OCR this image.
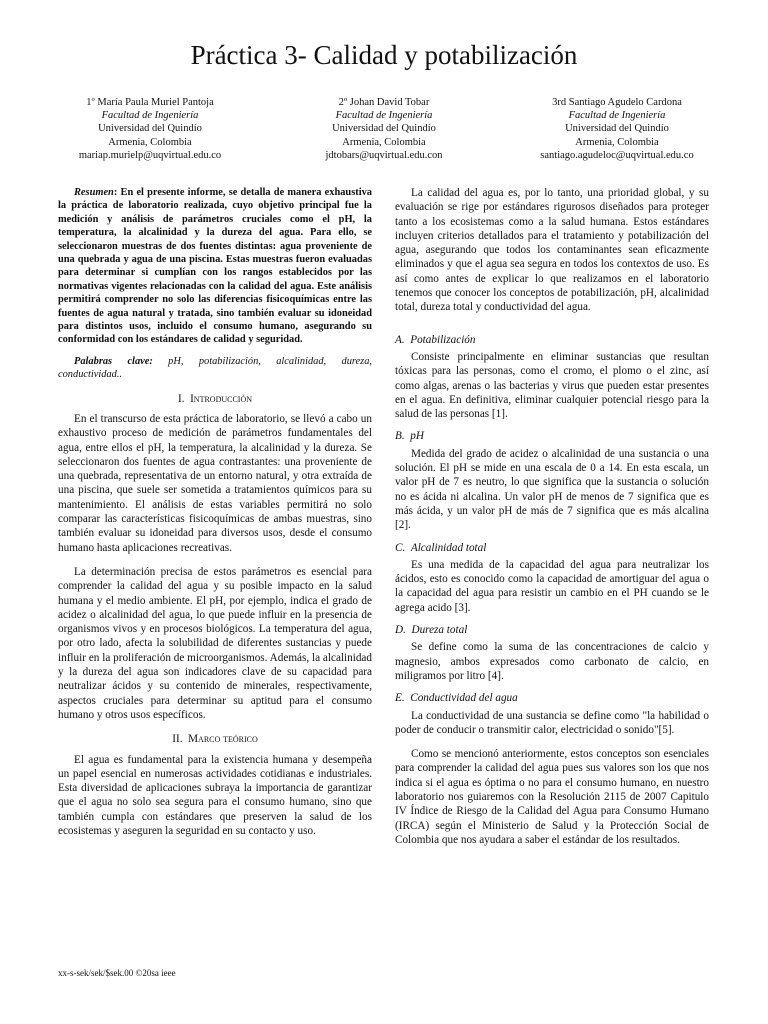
Práctica 3- Calidad y potabilización
1º María Paula Muriel Pantoja
Facultad de Ingeniería
Universidad del Quindío
Armenia, Colombia
mariap.murielp@uqvirtual.edu.co
2º Johan David Tobar
Facultad de Ingeniería
Universidad del Quindío
Armenia, Colombia
jdtobars@uqvirtual.edu.con
3rd Santiago Agudelo Cardona
Facultad de Ingeniería
Universidad del Quindío
Armenia, Colombia
santiago.agudeloc@uqvirtual.edu.co

Resumen: En el presente informe, se detalla de manera exhaustiva la práctica de laboratorio realizada, cuyo objetivo principal fue la medición y análisis de parámetros cruciales como el pH, la temperatura, la alcalinidad y la dureza del agua. Para ello, se seleccionaron muestras de dos fuentes distintas: agua proveniente de una quebrada y agua de una piscina. Estas muestras fueron evaluadas para determinar si cumplían con los rangos establecidos por las normativas vigentes relacionadas con la calidad del agua. Este análisis permitirá comprender no solo las diferencias fisicoquímicas entre las fuentes de agua natural y tratada, sino también evaluar su idoneidad para distintos usos, incluido el consumo humano, asegurando su conformidad con los estándares de calidad y seguridad.

Palabras clave: pH, potabilización, alcalinidad, dureza, conductividad..

I. Introducción

En el transcurso de esta práctica de laboratorio, se llevó a cabo un exhaustivo proceso de medición de parámetros fundamentales del agua, entre ellos el pH, la temperatura, la alcalinidad y la dureza. Se seleccionaron dos fuentes de agua contrastantes: una proveniente de una quebrada, representativa de un entorno natural, y otra extraída de una piscina, que suele ser sometida a tratamientos químicos para su mantenimiento. El análisis de estas variables permitirá no solo comparar las características fisicoquímicas de ambas muestras, sino también evaluar su idoneidad para diversos usos, desde el consumo humano hasta aplicaciones recreativas.

La determinación precisa de estos parámetros es esencial para comprender la calidad del agua y su posible impacto en la salud humana y el medio ambiente. El pH, por ejemplo, indica el grado de acidez o alcalinidad del agua, lo que puede influir en la presencia de organismos vivos y en procesos biológicos. La temperatura del agua, por otro lado, afecta la solubilidad de diferentes sustancias y puede influir en la proliferación de microorganismos. Además, la alcalinidad y la dureza del agua son indicadores clave de su capacidad para neutralizar ácidos y su contenido de minerales, respectivamente, aspectos cruciales para determinar su aptitud para el consumo humano y otros usos específicos.

II. Marco teórico

El agua es fundamental para la existencia humana y desempeña un papel esencial en numerosas actividades cotidianas e industriales. Esta diversidad de aplicaciones subraya la importancia de garantizar que el agua no solo sea segura para el consumo humano, sino que también cumpla con estándares que preserven la salud de los ecosistemas y aseguren la seguridad en su contacto y uso.

La calidad del agua es, por lo tanto, una prioridad global, y su evaluación se rige por estándares rigurosos diseñados para proteger tanto a los ecosistemas como a la salud humana. Estos estándares incluyen criterios detallados para el tratamiento y potabilización del agua, asegurando que todos los contaminantes sean eficazmente eliminados y que el agua sea segura en todos los contextos de uso. Es así como antes de explicar lo que realizamos en el laboratorio tenemos que conocer los conceptos de potabilización, pH, alcalinidad total, dureza total y conductividad del agua.

A. Potabilización

Consiste principalmente en eliminar sustancias que resultan tóxicas para las personas, como el cromo, el plomo o el zinc, así como algas, arenas o las bacterias y virus que pueden estar presentes en el agua. En definitiva, eliminar cualquier potencial riesgo para la salud de las personas [1].

B. pH

Medida del grado de acidez o alcalinidad de una sustancia o una solución. El pH se mide en una escala de 0 a 14. En esta escala, un valor pH de 7 es neutro, lo que significa que la sustancia o solución no es ácida ni alcalina. Un valor pH de menos de 7 significa que es más ácida, y un valor pH de más de 7 significa que es más alcalina [2].

C. Alcalinidad total

Es una medida de la capacidad del agua para neutralizar los ácidos, esto es conocido como la capacidad de amortiguar del agua o la capacidad del agua para resistir un cambio en el PH cuando se le agrega acido [3].

D. Dureza total

Se define como la suma de las concentraciones de calcio y magnesio, ambos expresados como carbonato de calcio, en miligramos por litro [4].

E. Conductividad del agua

La conductividad de una sustancia se define como "la habilidad o poder de conducir o transmitir calor, electricidad o sonido"[5].

Como se mencionó anteriormente, estos conceptos son esenciales para comprender la calidad del agua pues sus valores son los que nos indica si el agua es óptima o no para el consumo humano, en nuestro laboratorio nos guiaremos con la Resolución 2115 de 2007 Capitulo IV Índice de Riesgo de la Calidad del Agua para Consumo Humano (IRCA) según el Ministerio de Salud y la Protección Social de Colombia que nos ayudara a saber el estándar de los resultados.

xx-s-sek/sek/$sek.00 ©20sa ieee
